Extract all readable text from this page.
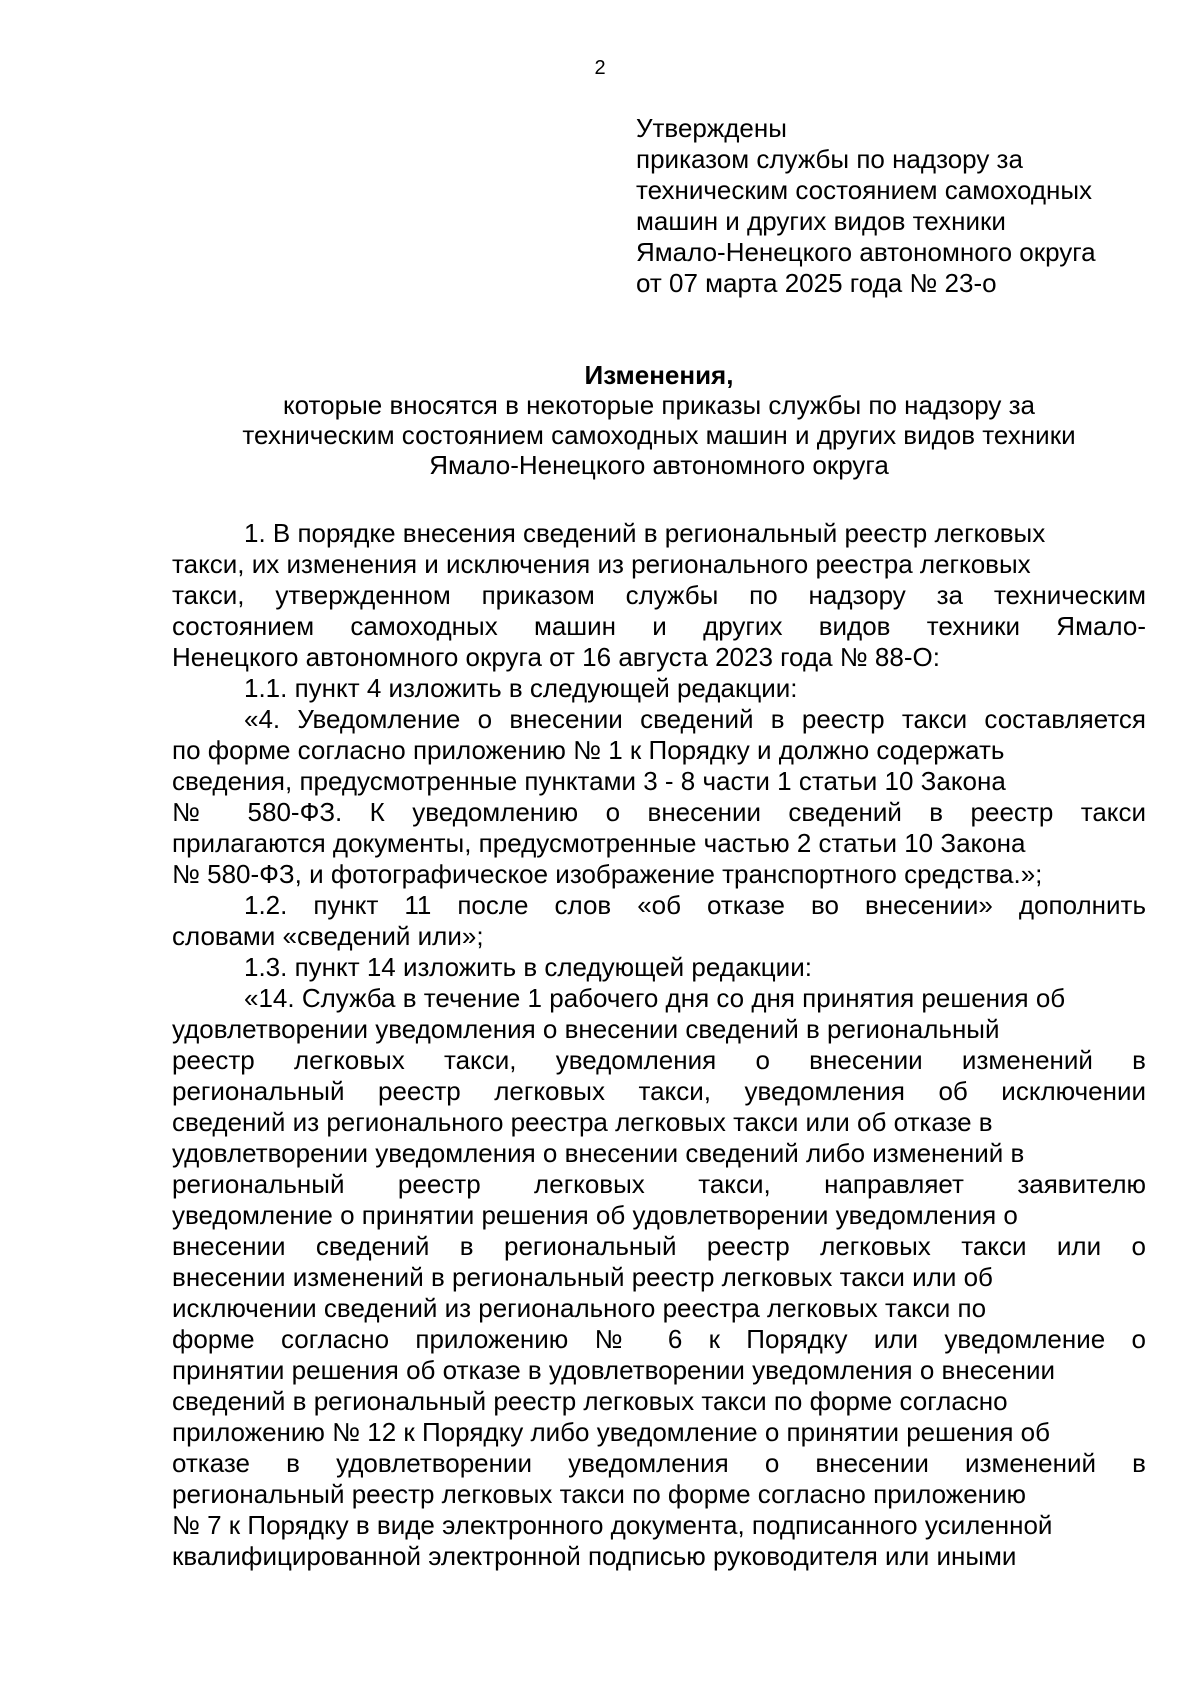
2
Утверждены
приказом службы по надзору за
техническим состоянием самоходных
машин и других видов техники
Ямало-Ненецкого автономного округа
от 07 марта 2025 года № 23-о
Изменения,
которые вносятся в некоторые приказы службы по надзору за
техническим состоянием самоходных машин и других видов техники
Ямало-Ненецкого автономного округа
1. В порядке внесения сведений в региональный реестр легковых
такси, их изменения и исключения из регионального реестра легковых
такси, утвержденном приказом службы по надзору за техническим
состоянием самоходных машин и других видов техники Ямало-
Ненецкого автономного округа от 16 августа 2023 года № 88-О:
1.1. пункт 4 изложить в следующей редакции:
«4. Уведомление о внесении сведений в реестр такси составляется
по форме согласно приложению № 1 к Порядку и должно содержать
сведения, предусмотренные пунктами 3 - 8 части 1 статьи 10 Закона
№ 580-ФЗ. К уведомлению о внесении сведений в реестр такси
прилагаются документы, предусмотренные частью 2 статьи 10 Закона
№ 580-ФЗ, и фотографическое изображение транспортного средства.»;
1.2. пункт 11 после слов «об отказе во внесении» дополнить
словами «сведений или»;
1.3. пункт 14 изложить в следующей редакции:
«14. Служба в течение 1 рабочего дня со дня принятия решения об
удовлетворении уведомления о внесении сведений в региональный
реестр легковых такси, уведомления о внесении изменений в
региональный реестр легковых такси, уведомления об исключении
сведений из регионального реестра легковых такси или об отказе в
удовлетворении уведомления о внесении сведений либо изменений в
региональный реестр легковых такси, направляет заявителю
уведомление о принятии решения об удовлетворении уведомления о
внесении сведений в региональный реестр легковых такси или о
внесении изменений в региональный реестр легковых такси или об
исключении сведений из регионального реестра легковых такси по
форме согласно приложению № 6 к Порядку или уведомление о
принятии решения об отказе в удовлетворении уведомления о внесении
сведений в региональный реестр легковых такси по форме согласно
приложению № 12 к Порядку либо уведомление о принятии решения об
отказе в удовлетворении уведомления о внесении изменений в
региональный реестр легковых такси по форме согласно приложению
№ 7 к Порядку в виде электронного документа, подписанного усиленной
квалифицированной электронной подписью руководителя или иными
